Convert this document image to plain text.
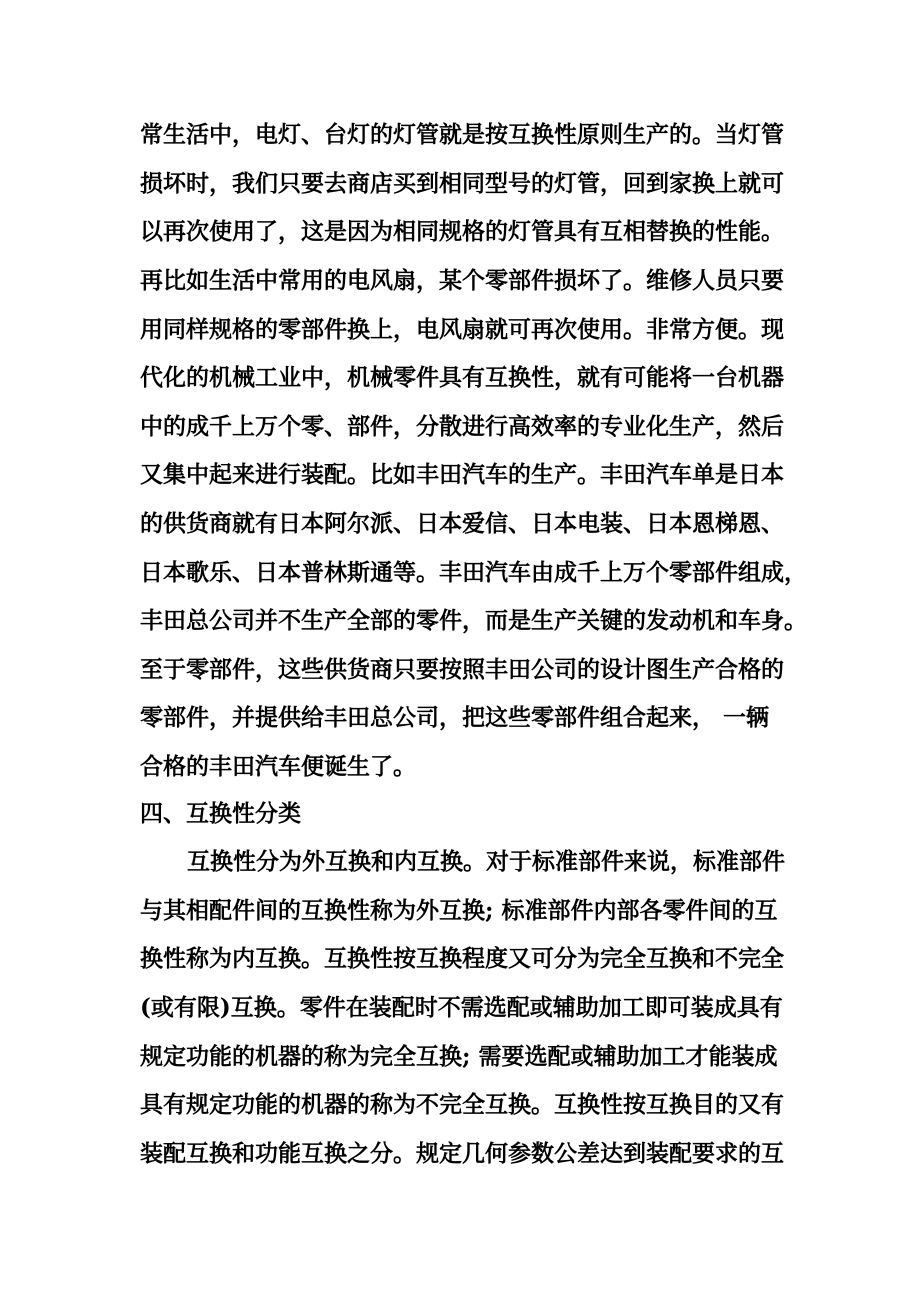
常生活中，电灯、台灯的灯管就是按互换性原则生产的。当灯管
损坏时，我们只要去商店买到相同型号的灯管，回到家换上就可
以再次使用了，这是因为相同规格的灯管具有互相替换的性能。
再比如生活中常用的电风扇，某个零部件损坏了。维修人员只要
用同样规格的零部件换上，电风扇就可再次使用。非常方便。现
代化的机械工业中，机械零件具有互换性，就有可能将一台机器
中的成千上万个零、部件，分散进行高效率的专业化生产，然后
又集中起来进行装配。比如丰田汽车的生产。丰田汽车单是日本
的供货商就有日本阿尔派、日本爱信、日本电装、日本恩梯恩、
日本歌乐、日本普林斯通等。丰田汽车由成千上万个零部件组成，
丰田总公司并不生产全部的零件，而是生产关键的发动机和车身。
至于零部件，这些供货商只要按照丰田公司的设计图生产合格的
零部件，并提供给丰田总公司，把这些零部件组合起来， 一辆
合格的丰田汽车便诞生了。
四、互换性分类
互换性分为外互换和内互换。对于标准部件来说，标准部件
与其相配件间的互换性称为外互换; 标准部件内部各零件间的互
换性称为内互换。互换性按互换程度又可分为完全互换和不完全
(或有限)互换。零件在装配时不需选配或辅助加工即可装成具有
规定功能的机器的称为完全互换; 需要选配或辅助加工才能装成
具有规定功能的机器的称为不完全互换。互换性按互换目的又有
装配互换和功能互换之分。规定几何参数公差达到装配要求的互
